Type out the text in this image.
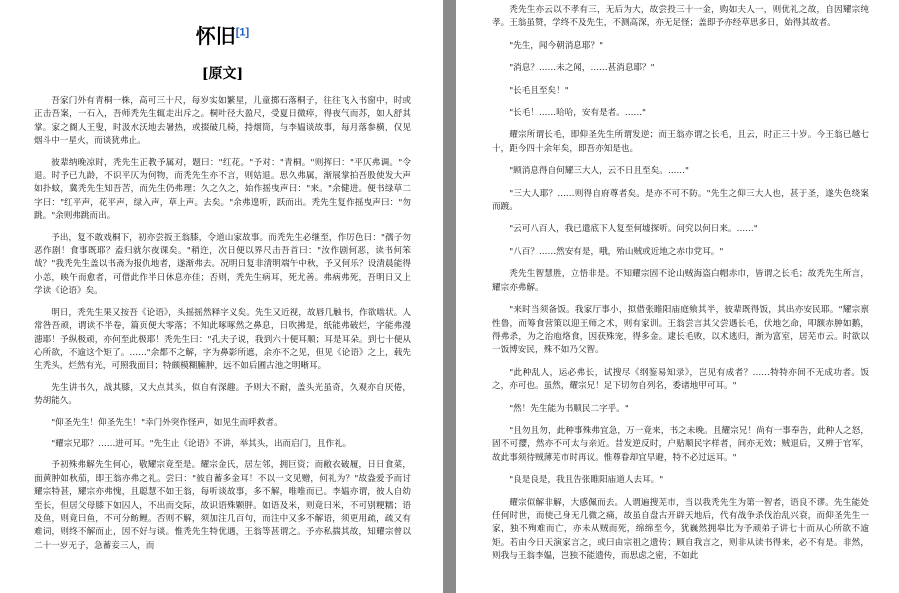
怀旧[1]
[原文]

吾家门外有青桐一株，高可三十尺，每岁实如繁星，儿童掷石落桐子，往往飞入书窗中，时或正击吾案，一石入，吾师秃先生辄走出斥之。桐叶径大盈尺，受夏日微瘁，得夜气而苏，如人舒其掌。家之阍人王叟，时汲水沃地去暑热，或掇破几椅，持烟筒，与李媪谈故事，每月落参横，仅见烟斗中一星火，而谈犹弗止。

彼辈纳晚凉时，秃先生正教予属对，题曰："红花。"予对："青桐。"则挥曰："平仄弗调。"令退。时予已九龄，不识平仄为何物，而秃先生亦不言，则姑退。思久弗属，渐展掌拍吾股使发大声如扑蚊，冀秃先生知吾苦，而先生仍弗理；久之久之，始作摇曳声曰："来。"余健进。便书绿草二字曰："红平声，花平声，绿入声，草上声。去矣。"余弗遑听，跃而出。秃先生复作摇曳声曰："勿跳。"余则弗跳而出。

予出，复不敢戏桐下，初亦尝扳王翁膝，令道山家故事。而秃先生必继至，作厉色曰："孺子勿恶作剧！食事既耶？盍归就尔夜课矣。"稍迕，次日便以界尺击吾首曰："汝作剧何恶，读书何笨哉？"我秃先生盖以书斋为报仇地者，遂渐弗去。况明日复非清明端午中秋，予又何乐？设清晨能得小恙，映午而愈者，可借此作半日休息亦佳；否则，秃先生病耳，死尤善。弗病弗死，吾明日又上学读《论语》矣。

明日，秃先生果又按吾《论语》，头摇摇然释字义矣。先生又近视，故唇几触书，作欲啮状。人常咎吾顽，谓读不半卷，篇页便大零落；不知此啄啄然之鼻息，日吹拂是，纸能弗破烂，字能弗漫漶耶！予纵极顽，亦何至此极耶！秃先生曰："孔夫子说，我到六十便耳顺；耳是耳朵。到七十便从心所欲，不逾这个矩了。……"余都不之解，字为鼻影所遮，余亦不之见，但见《论语》之上，载先生秃头，烂然有光，可照我面目；特颇模糊臃肿，远不如后圃古池之明晰耳。

先生讲书久，战其膝，又大点其头，似自有深趣。予则大不耐，盖头光虽奇，久观亦自厌倦，势胡能久。

"仰圣先生！仰圣先生！"幸门外突作怪声，如见生而呼救者。

"耀宗兄耶？……进可耳。"先生止《论语》不讲，举其头，出而启门，且作礼。

予初殊弗解先生何心，敬耀宗竟至是。耀宗金氏，居左邻，拥巨资；而敝衣破履，日日食菜，面黄肿如秋茄，即王翁亦弗之礼。尝曰："彼自蓄多金耳！不以一文见赠，何礼为？"故盎爱予而讨耀宗特甚，耀宗亦弗愧，且聪慧不如王翁，每听谈故事，多不解，唯唯而已。李媪亦谓，彼人自幼至长，但居父母膝下如囚人，不出而交际，故识语殊颗胖。如语及米，则竟曰米，不可别粳糯；语及鱼，则竟曰鱼，不可分鲂鲤。否则不解，须加注几百句，而注中又多不解语，须更用疏，疏又有难词，则终不解而止，因不好与谈。惟秃先生特优遇，王翁等甚谓之。予亦私揣其故，知耀宗曾以二十一岁无子，急蓄妾三人，而

秃先生亦云以不孝有三，无后为大，故尝投三十一金，购如夫人一，则优礼之故，自因耀宗纯孝。王翁虽赞，学终不及先生，不测高深，亦无足怪；盖即予亦经草思多日，始得其故者。

"先生，闻今朝消息耶？"

"消息？……未之闻，……甚消息耶？"

"长毛且至矣！"

"长毛！……哈哈，安有是者。……"

耀宗所谓长毛，即仰圣先生所谓发逆；而王翁亦谓之长毛，且云，时正三十岁。今王翁已越七十，距今四十余年矣，即吾亦知是也。

"顾消息得自何耀三大人，云不日且至矣。……"

"三大人耶？……则得自府尊者矣。是亦不可不防。"先生之仰三大人也，甚于圣，遂失色绕案而踱。

"云可八百人，我已遣底下人复至何墟探听。问究以何日来。……"

"八百？……然安有是，哦，殆山贼或近地之赤巾党耳。"

秃先生智慧胜，立悟非是。不知耀宗固不论山贼海盗白帽赤巾，皆谓之长毛；故秃先生所言，耀宗亦弗解。

"来时当须备饭。我家厅事小，拟借张睢阳庙庭飨其半，彼辈既得饭，其出亦安民耶。"耀宗禀性鲁，而筹食营策以迎王师之术，则有家训。王翁尝言其父尝遇长毛，伏地乞命，叩额赤肿如鹅，得弗杀，为之治庖烙食，因获殊宠，得多金。逮长毛败，以术逃归，渐为富室，居芜市云。时欲以一饭博安民，殊不如乃父智。

"此种乱人，运必弗长，试搜尽《纲鉴易知录》，岂见有成者？……特特亦间不无成功者。饭之，亦可也。虽然，耀宗兄！足下切勿自列名，委诸地甲可耳。"

"然！先生能为书顺民二字乎。"

"且勿且勿，此种事殊弗宜急，万一竟来，书之未晚。且耀宗兄！尚有一事奉告，此种人之怒，固不可撄，然亦不可太与亲近。昔发逆反时，户贴顺民字样者，间亦无效；贼退后，又辨于官军，故此事须待贼薄芜市时再议。惟尊眷却宜早避，特不必过远耳。"

"良是良是，我且告张睢阳庙道人去耳。"

耀宗似解非解，大感佩而去。人谓遍搜芜市，当以我秃先生为第一智者，语良不谬。先生能处任何时世，而使己身无几微之痛，故虽自盘古开辟天地后，代有战争杀伐治乱兴衰，而仰圣先生一家，独不殉难而亡，亦未从贼而死，绵绵至今，犹巍然拥皋比为予顽弟子讲七十而从心所欲不逾矩。若由今日天演家言之，或曰由宗祖之遗传；顾自我言之，则非从读书得来，必不有是。非然，则我与王翁李媪，岂独不能遗传，而思虑之密，不如此
